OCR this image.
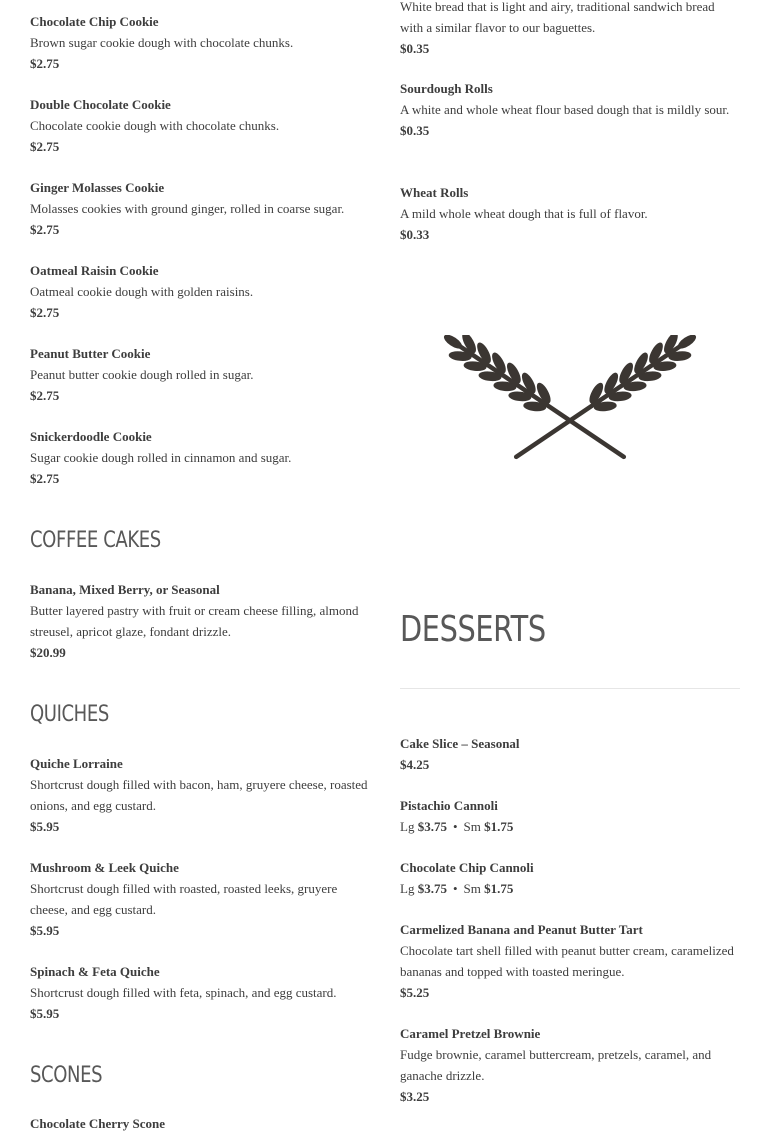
Chocolate Chip Cookie
Brown sugar cookie dough with chocolate chunks.
$2.75
Double Chocolate Cookie
Chocolate cookie dough with chocolate chunks.
$2.75
Ginger Molasses Cookie
Molasses cookies with ground ginger, rolled in coarse sugar.
$2.75
Oatmeal Raisin Cookie
Oatmeal cookie dough with golden raisins.
$2.75
Peanut Butter Cookie
Peanut butter cookie dough rolled in sugar.
$2.75
Snickerdoodle Cookie
Sugar cookie dough rolled in cinnamon and sugar.
$2.75
COFFEE CAKES
Banana, Mixed Berry, or Seasonal
Butter layered pastry with fruit or cream cheese filling, almond streusel, apricot glaze, fondant drizzle.
$20.99
QUICHES
Quiche Lorraine
Shortcrust dough filled with bacon, ham, gruyere cheese, roasted onions, and egg custard.
$5.95
Mushroom & Leek Quiche
Shortcrust dough filled with roasted, roasted leeks, gruyere cheese, and egg custard.
$5.95
Spinach & Feta Quiche
Shortcrust dough filled with feta, spinach, and egg custard.
$5.95
SCONES
Chocolate Cherry Scone
White bread that is light and airy, traditional sandwich bread with a similar flavor to our baguettes.
$0.35
Sourdough Rolls
A white and whole wheat flour based dough that is mildly sour.
$0.35
Wheat Rolls
A mild whole wheat dough that is full of flavor.
$0.33
DESSERTS
Cake Slice – Seasonal
$4.25
Pistachio Cannoli
Lg $3.75 • Sm $1.75
Chocolate Chip Cannoli
Lg $3.75 • Sm $1.75
Carmelized Banana and Peanut Butter Tart
Chocolate tart shell filled with peanut butter cream, caramelized bananas and topped with toasted meringue.
$5.25
Caramel Pretzel Brownie
Fudge brownie, caramel buttercream, pretzels, caramel, and ganache drizzle.
$3.25
